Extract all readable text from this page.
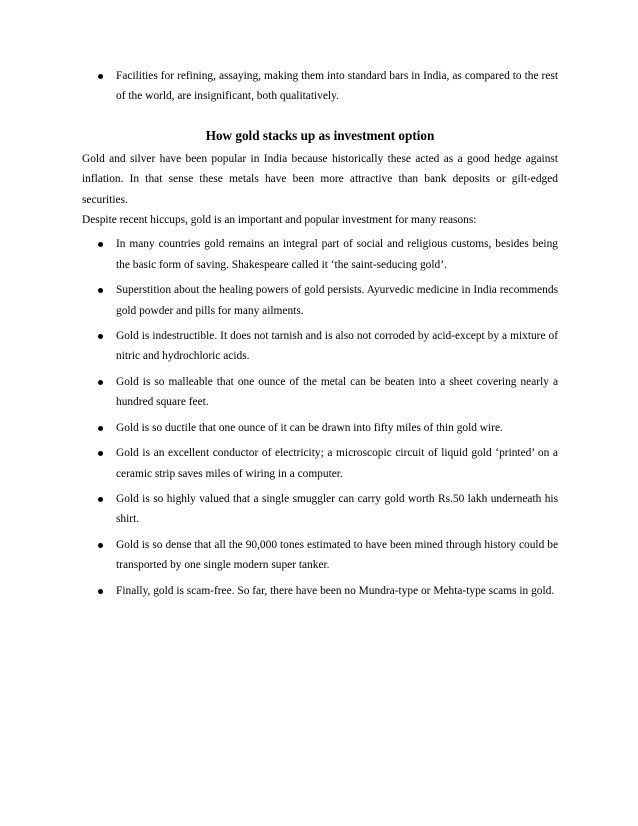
Facilities for refining, assaying, making them into standard bars in India, as compared to the rest of the world, are insignificant, both qualitatively.
How gold stacks up as investment option

Gold and silver have been popular in India because historically these acted as a good hedge against inflation. In that sense these metals have been more attractive than bank deposits or gilt-edged securities.

Despite recent hiccups, gold is an important and popular investment for many reasons:

In many countries gold remains an integral part of social and religious customs, besides being the basic form of saving. Shakespeare called it ‘the saint-seducing gold’.
Superstition about the healing powers of gold persists. Ayurvedic medicine in India recommends gold powder and pills for many ailments.
Gold is indestructible. It does not tarnish and is also not corroded by acid-except by a mixture of nitric and hydrochloric acids.
Gold is so malleable that one ounce of the metal can be beaten into a sheet covering nearly a hundred square feet.
Gold is so ductile that one ounce of it can be drawn into fifty miles of thin gold wire.
Gold is an excellent conductor of electricity; a microscopic circuit of liquid gold ‘printed’ on a ceramic strip saves miles of wiring in a computer.
Gold is so highly valued that a single smuggler can carry gold worth Rs.50 lakh underneath his shirt.
Gold is so dense that all the 90,000 tones estimated to have been mined through history could be transported by one single modern super tanker.
Finally, gold is scam-free. So far, there have been no Mundra-type or Mehta-type scams in gold.
